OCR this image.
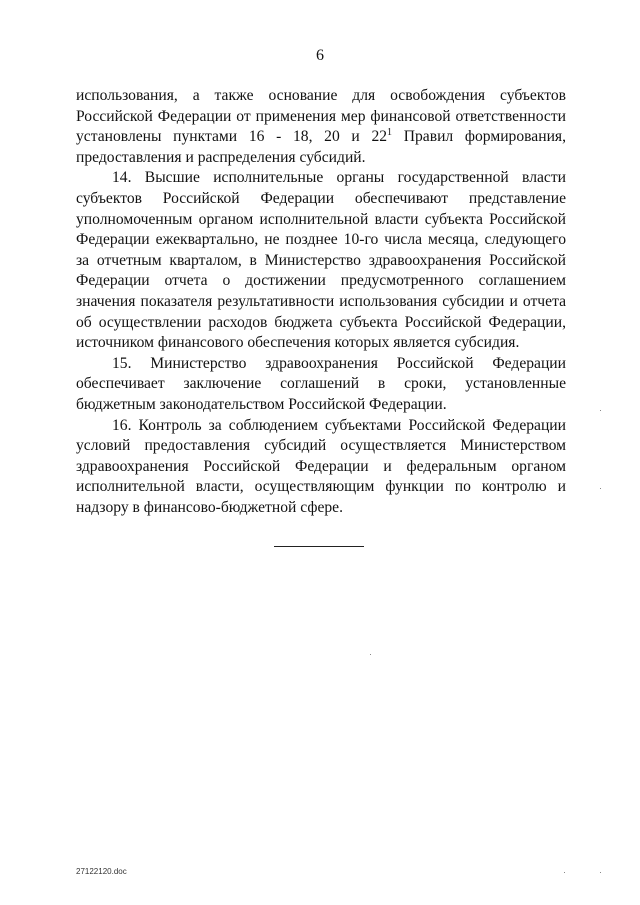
6

использования, а также основание для освобождения субъектов Российской Федерации от применения мер финансовой ответственности установлены пунктами 16 - 18, 20 и $22^1$ Правил формирования, предоставления и распределения субсидий.

14. Высшие исполнительные органы государственной власти субъектов Российской Федерации обеспечивают представление уполномоченным органом исполнительной власти субъекта Российской Федерации ежеквартально, не позднее 10-го числа месяца, следующего за отчетным кварталом, в Министерство здравоохранения Российской Федерации отчета о достижении предусмотренного соглашением значения показателя результативности использования субсидии и отчета об осуществлении расходов бюджета субъекта Российской Федерации, источником финансового обеспечения которых является субсидия.

15. Министерство здравоохранения Российской Федерации обеспечивает заключение соглашений в сроки, установленные бюджетным законодательством Российской Федерации.

16. Контроль за соблюдением субъектами Российской Федерации условий предоставления субсидий осуществляется Министерством здравоохранения Российской Федерации и федеральным органом исполнительной власти, осуществляющим функции по контролю и надзору в финансово-бюджетной сфере.

27122120.doc
